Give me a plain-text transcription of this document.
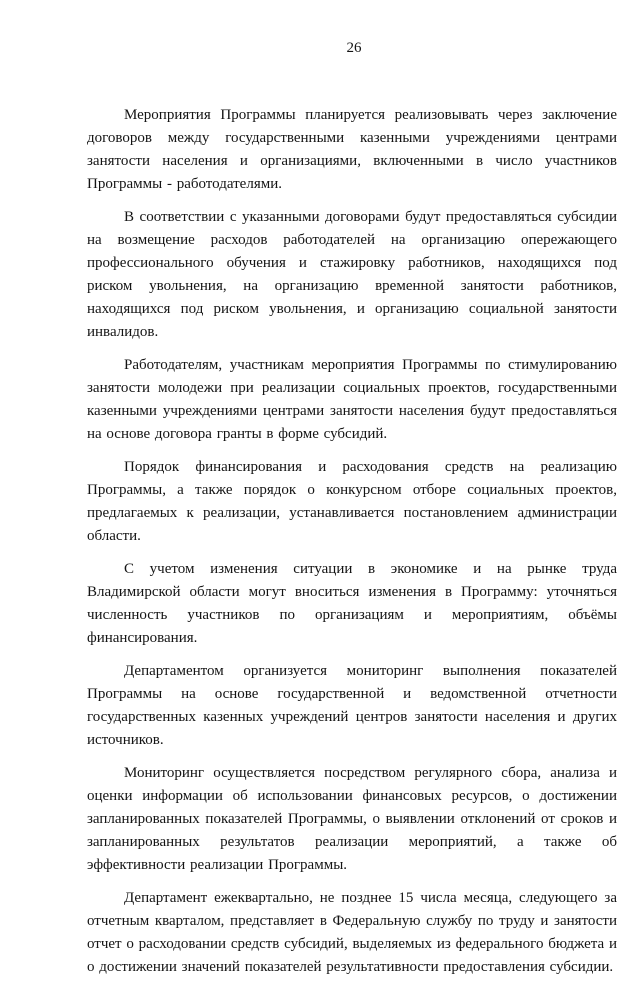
26

Мероприятия Программы планируется реализовывать через заключение договоров между государственными казенными учреждениями центрами занятости населения и организациями, включенными в число участников Программы - работодателями.

В соответствии с указанными договорами будут предоставляться субсидии на возмещение расходов работодателей на организацию опережающего профессионального обучения и стажировку работников, находящихся под риском увольнения, на организацию временной занятости работников, находящихся под риском увольнения, и организацию социальной занятости инвалидов.

Работодателям, участникам мероприятия Программы по стимулированию занятости молодежи при реализации социальных проектов, государственными казенными учреждениями центрами занятости населения будут предоставляться на основе договора гранты в форме субсидий.

Порядок финансирования и расходования средств на реализацию Программы, а также порядок о конкурсном отборе социальных проектов, предлагаемых к реализации, устанавливается постановлением администрации области.

С учетом изменения ситуации в экономике и на рынке труда Владимирской области могут вноситься изменения в Программу: уточняться численность участников по организациям и мероприятиям, объёмы финансирования.

Департаментом организуется мониторинг выполнения показателей Программы на основе государственной и ведомственной отчетности государственных казенных учреждений центров занятости населения и других источников.

Мониторинг осуществляется посредством регулярного сбора, анализа и оценки информации об использовании финансовых ресурсов, о достижении запланированных показателей Программы, о выявлении отклонений от сроков и запланированных результатов реализации мероприятий, а также об эффективности реализации Программы.

Департамент ежеквартально, не позднее 15 числа месяца, следующего за отчетным кварталом, представляет в Федеральную службу по труду и занятости отчет о расходовании средств субсидий, выделяемых из федерального бюджета и о достижении значений показателей результативности предоставления субсидии.
